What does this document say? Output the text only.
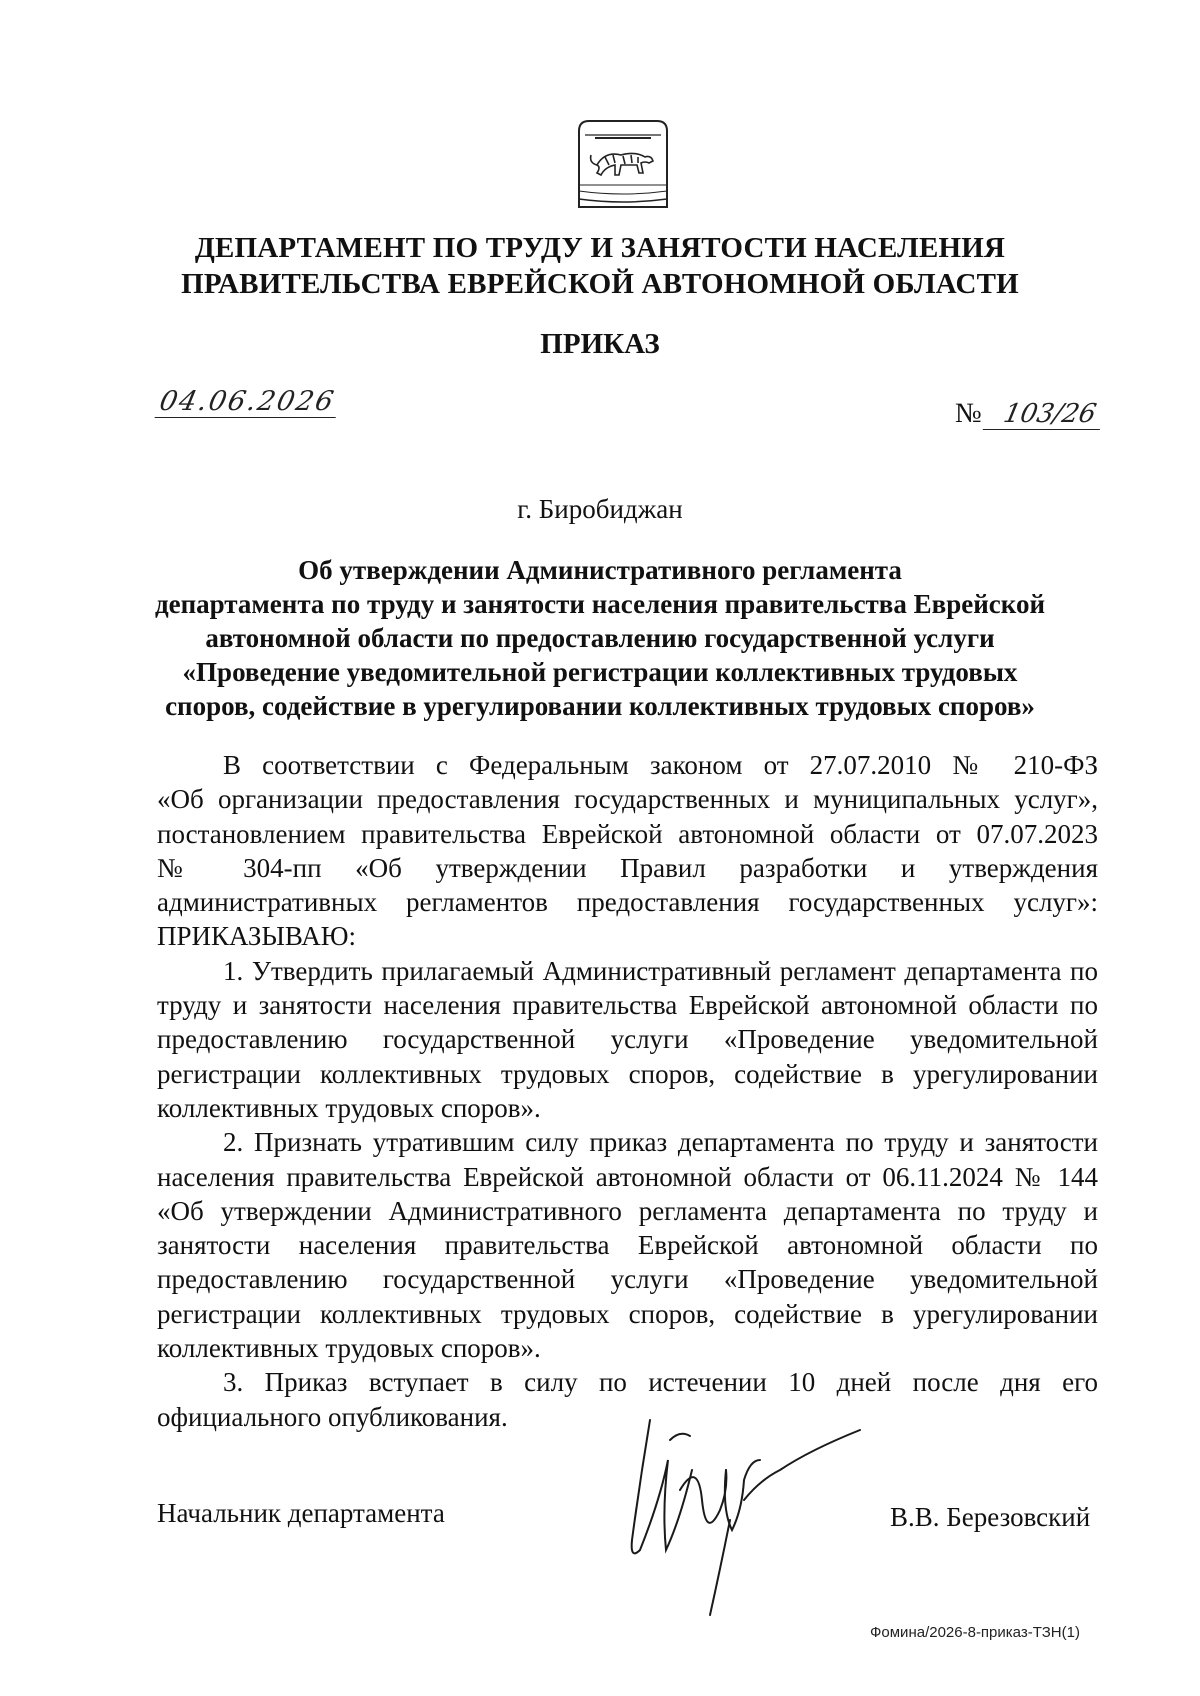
ДЕПАРТАМЕНТ ПО ТРУДУ И ЗАНЯТОСТИ НАСЕЛЕНИЯ
ПРАВИТЕЛЬСТВА ЕВРЕЙСКОЙ АВТОНОМНОЙ ОБЛАСТИ
ПРИКАЗ
04.06.2026	№ 103/26
г. Биробиджан
Об утверждении Административного регламента
департамента по труду и занятости населения правительства Еврейской
автономной области по предоставлению государственной услуги
«Проведение уведомительной регистрации коллективных трудовых
споров, содействие в урегулировании коллективных трудовых споров»
В соответствии с Федеральным законом от 27.07.2010 № 210-ФЗ
«Об организации предоставления государственных и муниципальных услуг»,
постановлением правительства Еврейской автономной области от 07.07.2023
№ 304-пп «Об утверждении Правил разработки и утверждения
административных регламентов предоставления государственных услуг»:
ПРИКАЗЫВАЮ:

1. Утвердить прилагаемый Административный регламент департамента по труду и занятости населения правительства Еврейской автономной области по предоставлению государственной услуги «Проведение уведомительной регистрации коллективных трудовых споров, содействие в урегулировании коллективных трудовых споров».

2. Признать утратившим силу приказ департамента по труду и занятости населения правительства Еврейской автономной области от 06.11.2024 № 144 «Об утверждении Административного регламента департамента по труду и занятости населения правительства Еврейской автономной области по предоставлению государственной услуги «Проведение уведомительной регистрации коллективных трудовых споров, содействие в урегулировании коллективных трудовых споров».

3. Приказ вступает в силу по истечении 10 дней после дня его официального опубликования.

Начальник департамента	В.В. Березовский
Фомина/2026-8-приказ-ТЗН(1)
